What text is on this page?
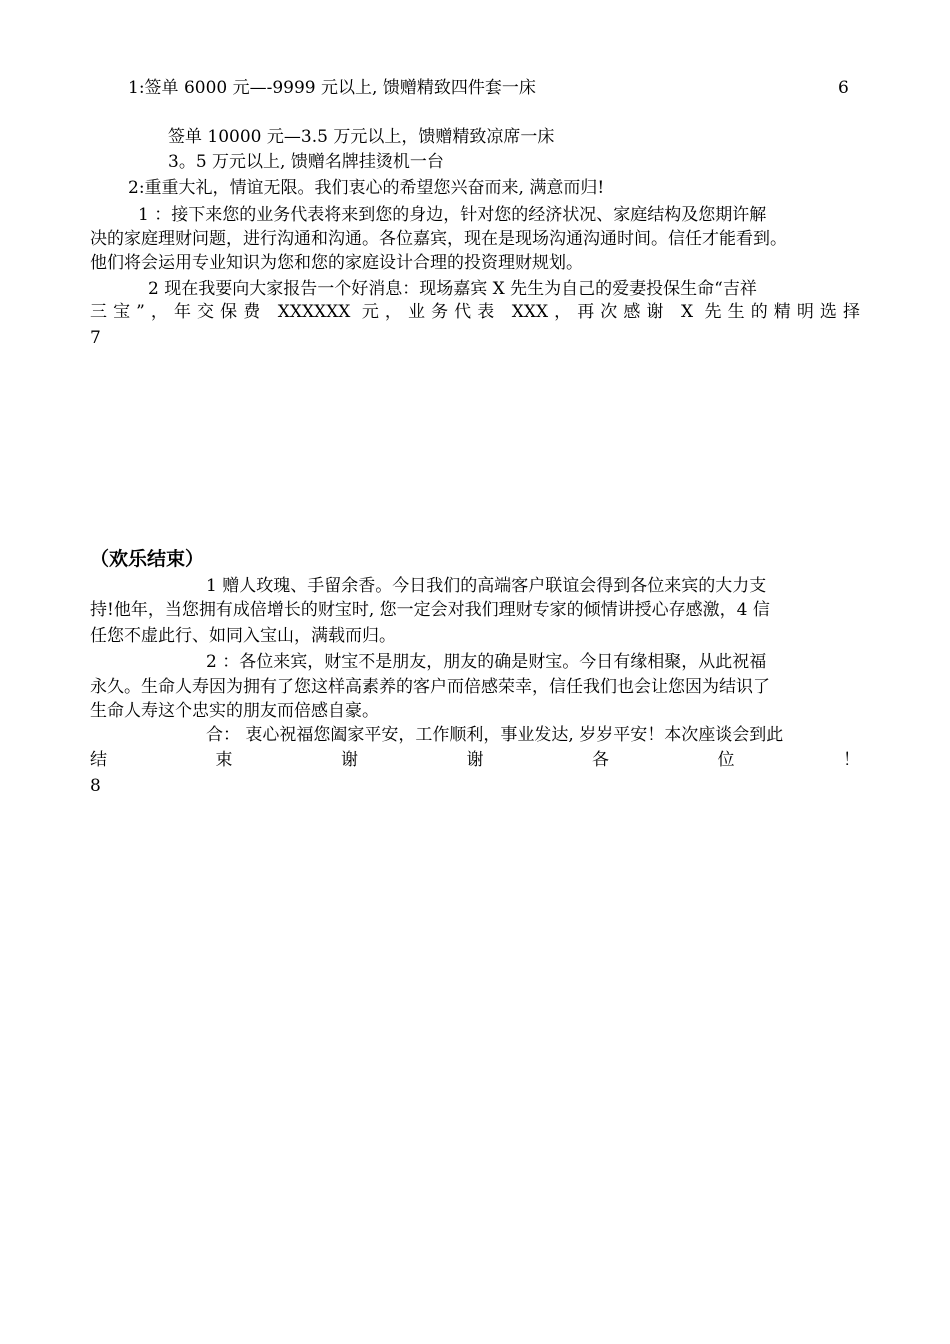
1:签单 6000 元—-9999 元以上, 馈赠精致四件套一床	6
签单 10000 元—3.5 万元以上，馈赠精致凉席一床
3。5 万元以上, 馈赠名牌挂烫机一台
2:重重大礼，情谊无限。我们衷心的希望您兴奋而来, 满意而归!
1 ：接下来您的业务代表将来到您的身边，针对您的经济状况、家庭结构及您期许解
决的家庭理财问题，进行沟通和沟通。各位嘉宾，现在是现场沟通沟通时间。信任才能看到。
他们将会运用专业知识为您和您的家庭设计合理的投资理财规划。
2 现在我要向大家报告一个好消息：现场嘉宾 X 先生为自己的爱妻投保生命“吉祥
三宝”，年交保费 XXXXXX 元，业务代表 XXX，再次感谢 X 先生的精明选择
7
（欢乐结束）
1 赠人玫瑰、手留余香。今日我们的高端客户联谊会得到各位来宾的大力支
持!他年，当您拥有成倍增长的财宝时, 您一定会对我们理财专家的倾情讲授心存感激，4 信
任您不虚此行、如同入宝山，满载而归。
2 ：各位来宾，财宝不是朋友，朋友的确是财宝。今日有缘相聚，从此祝福
永久。生命人寿因为拥有了您这样高素养的客户而倍感荣幸，信任我们也会让您因为结识了
生命人寿这个忠实的朋友而倍感自豪。
合： 衷心祝福您阖家平安，工作顺利，事业发达, 岁岁平安！本次座谈会到此
结 束 谢 谢 各 位 ！
8
